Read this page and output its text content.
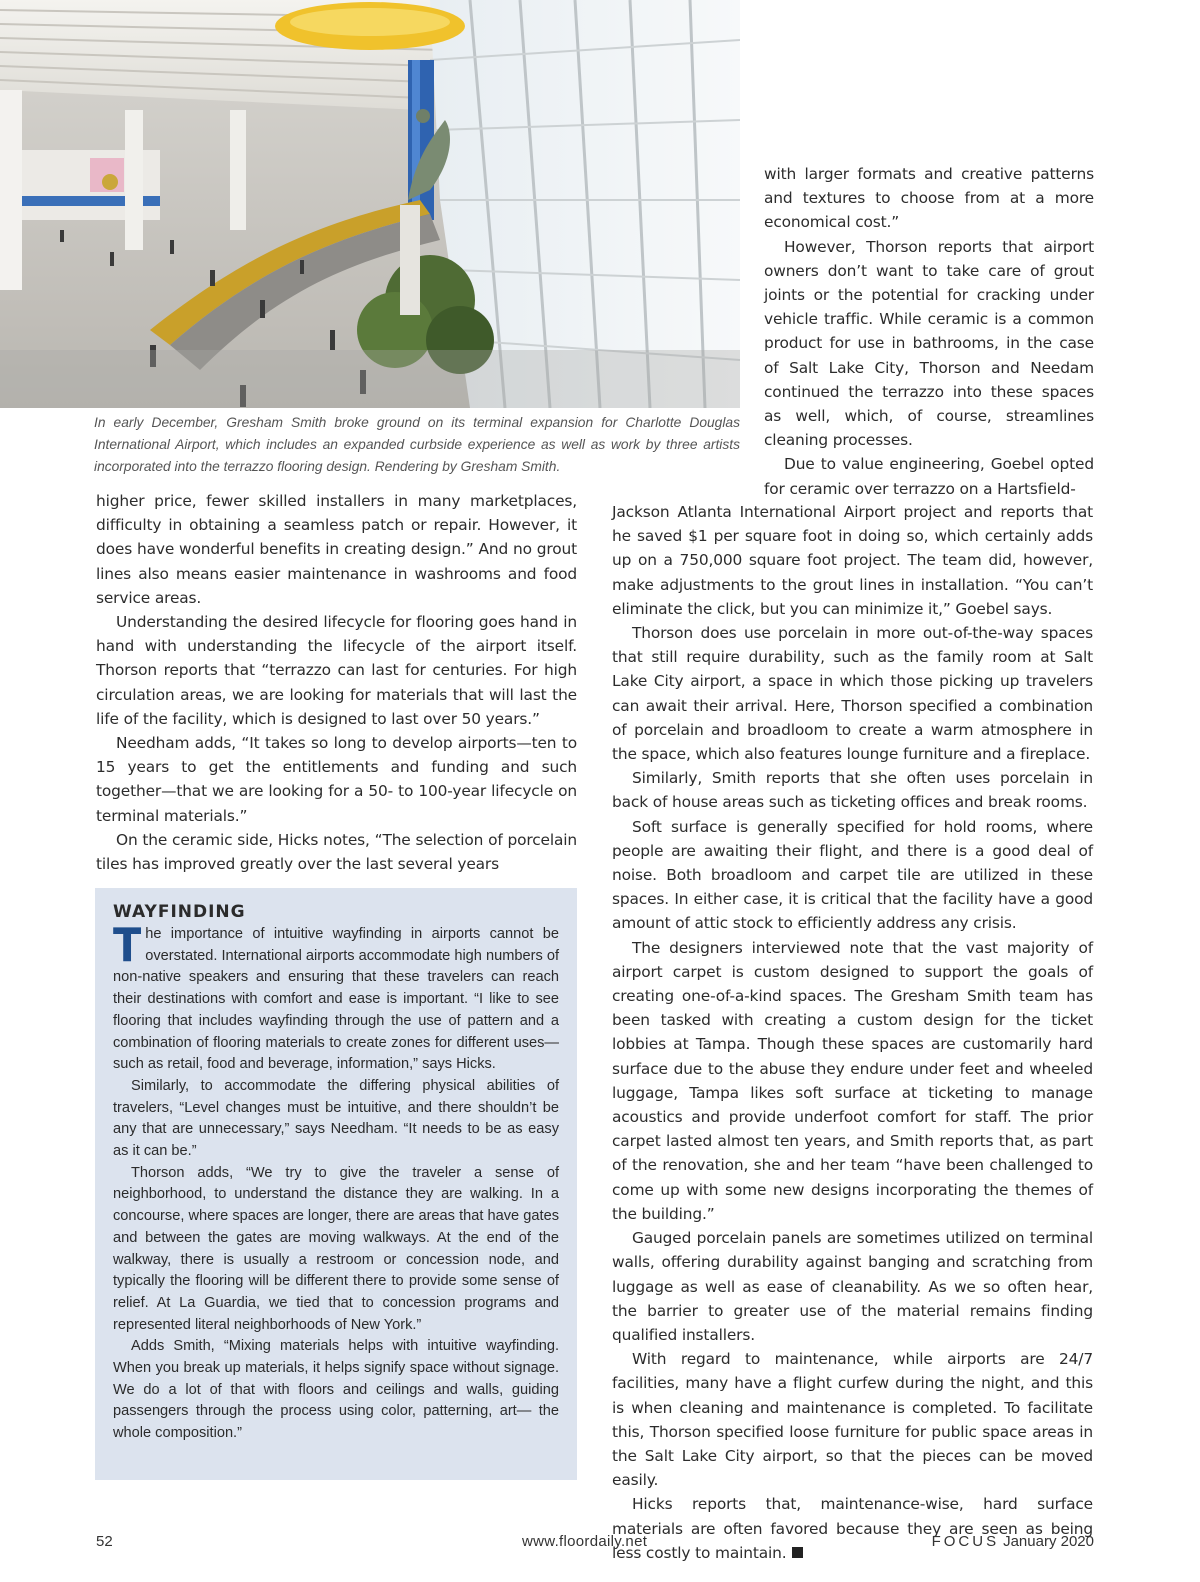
In early December, Gresham Smith broke ground on its terminal expansion for Charlotte Douglas International Airport, which includes an expanded curbside experience as well as work by three artists incorporated into the terrazzo flooring design. Rendering by Gresham Smith.

with larger formats and creative patterns and textures to choose from at a more economical cost.”

However, Thorson reports that airport owners don’t want to take care of grout joints or the potential for cracking under vehicle traffic. While ceramic is a common product for use in bathrooms, in the case of Salt Lake City, Thorson and Needam continued the terrazzo into these spaces as well, which, of course, streamlines cleaning processes.

Due to value engineering, Goebel opted for ceramic over terrazzo on a Hartsfield-

higher price, fewer skilled installers in many marketplaces, difficulty in obtaining a seamless patch or repair. However, it does have wonderful benefits in creating design.” And no grout lines also means easier maintenance in washrooms and food service areas.

Understanding the desired lifecycle for flooring goes hand in hand with understanding the lifecycle of the airport itself. Thorson reports that “terrazzo can last for centuries. For high circulation areas, we are looking for materials that will last the life of the facility, which is designed to last over 50 years.”

Needham adds, “It takes so long to develop airports—ten to 15 years to get the entitlements and funding and such together—that we are looking for a 50- to 100-year lifecycle on terminal materials.”

On the ceramic side, Hicks notes, “The selection of porcelain tiles has improved greatly over the last several years

Jackson Atlanta International Airport project and reports that he saved $1 per square foot in doing so, which certainly adds up on a 750,000 square foot project. The team did, however, make adjustments to the grout lines in installation. “You can’t eliminate the click, but you can minimize it,” Goebel says.

Thorson does use porcelain in more out-of-the-way spaces that still require durability, such as the family room at Salt Lake City airport, a space in which those picking up travelers can await their arrival. Here, Thorson specified a combination of porcelain and broadloom to create a warm atmosphere in the space, which also features lounge furniture and a fireplace.

Similarly, Smith reports that she often uses porcelain in back of house areas such as ticketing offices and break rooms.

Soft surface is generally specified for hold rooms, where people are awaiting their flight, and there is a good deal of noise. Both broadloom and carpet tile are utilized in these spaces. In either case, it is critical that the facility have a good amount of attic stock to efficiently address any crisis.

The designers interviewed note that the vast majority of airport carpet is custom designed to support the goals of creating one-of-a-kind spaces. The Gresham Smith team has been tasked with creating a custom design for the ticket lobbies at Tampa. Though these spaces are customarily hard surface due to the abuse they endure under feet and wheeled luggage, Tampa likes soft surface at ticketing to manage acoustics and provide underfoot comfort for staff. The prior carpet lasted almost ten years, and Smith reports that, as part of the renovation, she and her team “have been challenged to come up with some new designs incorporating the themes of the building.”

Gauged porcelain panels are sometimes utilized on terminal walls, offering durability against banging and scratching from luggage as well as ease of cleanability. As we so often hear, the barrier to greater use of the material remains finding qualified installers.

With regard to maintenance, while airports are 24/7 facilities, many have a flight curfew during the night, and this is when cleaning and maintenance is completed. To facilitate this, Thorson specified loose furniture for public space areas in the Salt Lake City airport, so that the pieces can be moved easily.

Hicks reports that, maintenance-wise, hard surface materials are often favored because they are seen as being less costly to maintain.

WAYFINDING

The importance of intuitive wayfinding in airports cannot be overstated. International airports accommodate high numbers of non-native speakers and ensuring that these travelers can reach their destinations with comfort and ease is important. “I like to see flooring that includes wayfinding through the use of pattern and a combination of flooring materials to create zones for different uses— such as retail, food and beverage, information,” says Hicks.

Similarly, to accommodate the differing physical abilities of travelers, “Level changes must be intuitive, and there shouldn’t be any that are unnecessary,” says Needham. “It needs to be as easy as it can be.”

Thorson adds, “We try to give the traveler a sense of neighborhood, to understand the distance they are walking. In a concourse, where spaces are longer, there are areas that have gates and between the gates are moving walkways. At the end of the walkway, there is usually a restroom or concession node, and typically the flooring will be different there to provide some sense of relief. At La Guardia, we tied that to concession programs and represented literal neighborhoods of New York.”

Adds Smith, “Mixing materials helps with intuitive wayfinding. When you break up materials, it helps signify space without signage. We do a lot of that with floors and ceilings and walls, guiding passengers through the process using color, patterning, art— the whole composition.”

52	www.floordaily.net	FOCUS January 2020
